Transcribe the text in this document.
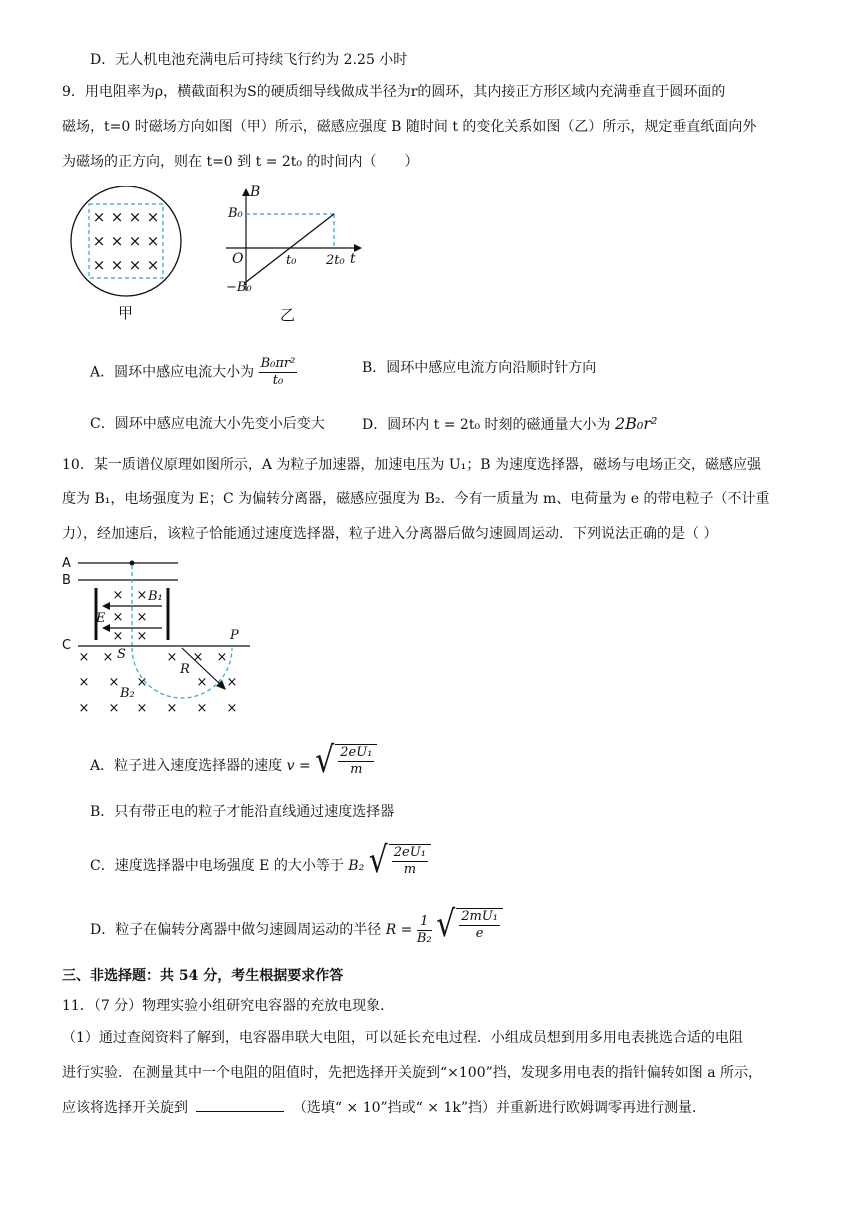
D．无人机电池充满电后可持续飞行约为 2.25 小时
9．用电阻率为ρ，横截面积为S的硬质细导线做成半径为r的圆环，其内接正方形区域内充满垂直于圆环面的
磁场，t=0 时磁场方向如图（甲）所示，磁感应强度 B 随时间 t 的变化关系如图（乙）所示，规定垂直纸面向外
为磁场的正方向，则在 t=0 到 t = 2t₀ 的时间内（　　）
× × × ×
× × × ×
× × × ×
甲
B
B₀
O	t₀ 2t₀ t
−B₀
乙
A．圆环中感应电流大小为 $\frac{\text{B₀πr²}}{\text{t₀}}$	B．圆环中感应电流方向沿顺时针方向
C．圆环中感应电流大小先变小后变大	D．圆环内 t = 2t₀ 时刻的磁通量大小为 2B₀r²
10．某一质谱仪原理如图所示，A 为粒子加速器，加速电压为 U₁；B 为速度选择器，磁场与电场正交，磁感应强
度为 B₁，电场强度为 E；C 为偏转分离器，磁感应强度为 B₂．今有一质量为 m、电荷量为 e 的带电粒子（不计重
力），经加速后，该粒子恰能通过速度选择器，粒子进入分离器后做匀速圆周运动．下列说法正确的是（ ）
× ×
× ×
× ×
× ×	× × ×
× × ×	× ×
× × × × × ×
A
B
C
B₁
E
S
P
R
B₂
A．粒子进入速度选择器的速度 v = √ $\frac{\text{2eU₁}}{m}$
B．只有带正电的粒子才能沿直线通过速度选择器
C．速度选择器中电场强度 E 的大小等于 B₂ √ $\frac{\text{2eU₁}}{m}$
D．粒子在偏转分离器中做匀速圆周运动的半径 $R = \frac{1}{\text{B₂}}$
√ $\frac{\text{2mU₁}}{e}$
三、非选择题：共 54 分，考生根据要求作答
11．（7 分）物理实验小组研究电容器的充放电现象．
（1）通过查阅资料了解到，电容器串联大电阻，可以延长充电过程．小组成员想到用多用电表挑选合适的电阻
进行实验．在测量其中一个电阻的阻值时，先把选择开关旋到“×100”挡，发现多用电表的指针偏转如图 a 所示，
应该将选择开关旋到	（选填“ × 10”挡或“ × 1k”挡）并重新进行欧姆调零再进行测量．
